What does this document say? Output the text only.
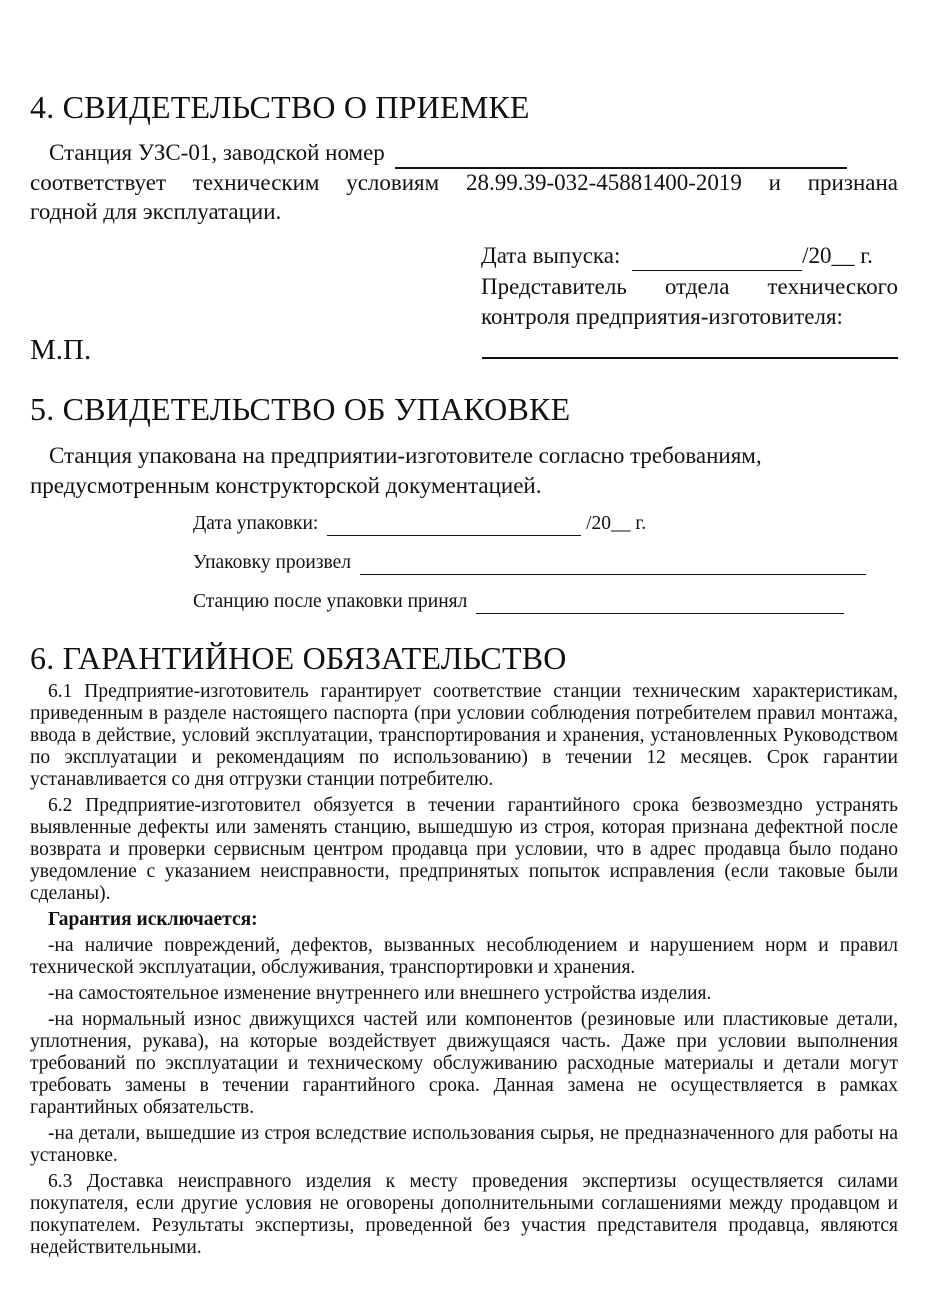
4. СВИДЕТЕЛЬСТВО О ПРИЕМКЕ
Станция УЗС-01, заводской номер
соответствует техническим условиям 28.99.39-032-45881400-2019 и признана
годной для эксплуатации.
Дата выпуска:	/20__ г.
Представитель отдела технического
контроля предприятия-изготовителя:
М.П.
5. СВИДЕТЕЛЬСТВО ОБ УПАКОВКЕ
Станция упакована на предприятии-изготовителе согласно требованиям,
предусмотренным конструкторской документацией.
Дата упаковки:	/20__ г.
Упаковку произвел
Станцию после упаковки принял
6. ГАРАНТИЙНОЕ ОБЯЗАТЕЛЬСТВО

6.1 Предприятие-изготовитель гарантирует соответствие станции техническим характеристикам, приведенным в разделе настоящего паспорта (при условии соблюдения потребителем правил монтажа, ввода в действие, условий эксплуатации, транспортирования и хранения, установленных Руководством по эксплуатации и рекомендациям по использованию) в течении 12 месяцев. Срок гарантии устанавливается со дня отгрузки станции потребителю.

6.2 Предприятие-изготовител обязуется в течении гарантийного срока безвозмездно устранять выявленные дефекты или заменять станцию, вышедшую из строя, которая признана дефектной после возврата и проверки сервисным центром продавца при условии, что в адрес продавца было подано уведомление с указанием неисправности, предпринятых попыток исправления (если таковые были сделаны).

Гарантия исключается:

-на наличие повреждений, дефектов, вызванных несоблюдением и нарушением норм и правил технической эксплуатации, обслуживания, транспортировки и хранения.

-на самостоятельное изменение внутреннего или внешнего устройства изделия.

-на нормальный износ движущихся частей или компонентов (резиновые или пластиковые детали, уплотнения, рукава), на которые воздействует движущаяся часть. Даже при условии выполнения требований по эксплуатации и техническому обслуживанию расходные материалы и детали могут требовать замены в течении гарантийного срока. Данная замена не осуществляется в рамках гарантийных обязательств.

-на детали, вышедшие из строя вследствие использования сырья, не предназначенного для работы на установке.

6.3 Доставка неисправного изделия к месту проведения экспертизы осуществляется силами покупателя, если другие условия не оговорены дополнительными соглашениями между продавцом и покупателем. Результаты экспертизы, проведенной без участия представителя продавца, являются недействительными.
